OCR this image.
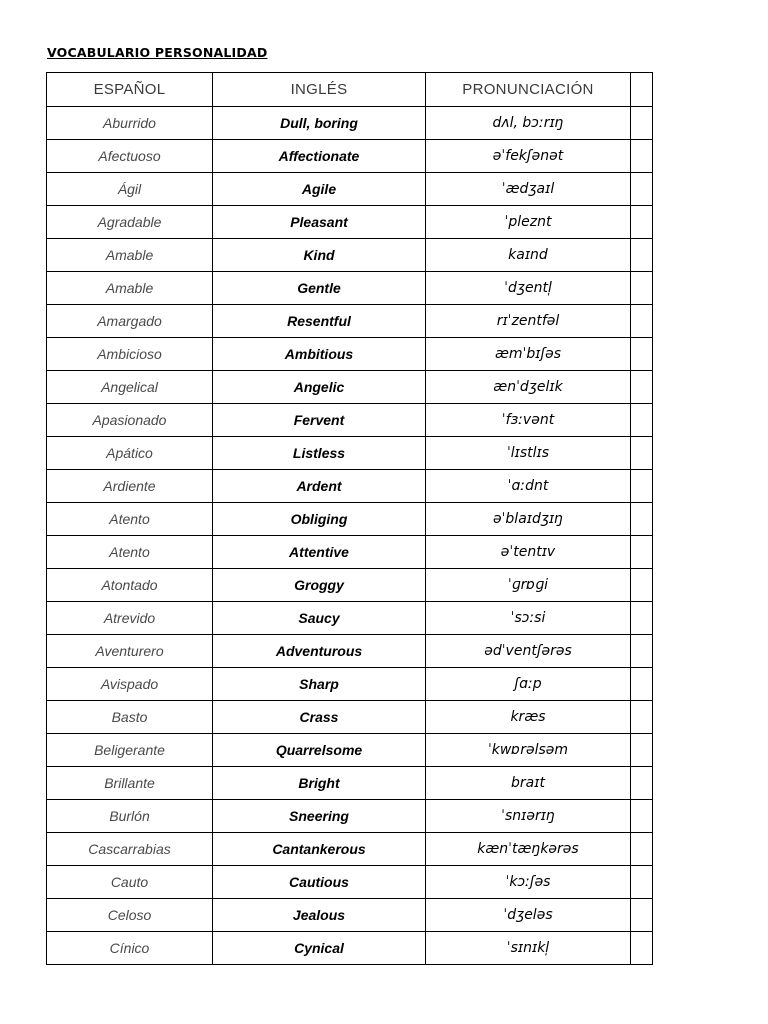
VOCABULARIO PERSONALIDAD
ESPAÑOL	INGLÉS	PRONUNCIACIÓN	
Aburrido	Dull, boring	dʌl, bɔːrɪŋ	
Afectuoso	Affectionate	əˈfekʃənət	
Ágil	Agile	ˈædʒaɪl	
Agradable	Pleasant	ˈpleznt	
Amable	Kind	kaɪnd	
Amable	Gentle	ˈdʒentl̩	
Amargado	Resentful	rɪˈzentfəl	
Ambicioso	Ambitious	æmˈbɪʃəs	
Angelical	Angelic	ænˈdʒelɪk	
Apasionado	Fervent	ˈfɜːvənt	
Apático	Listless	ˈlɪstlɪs	
Ardiente	Ardent	ˈɑːdnt	
Atento	Obliging	əˈblaɪdʒɪŋ	
Atento	Attentive	əˈtentɪv	
Atontado	Groggy	ˈɡrɒɡi	
Atrevido	Saucy	ˈsɔːsi	
Aventurero	Adventurous	ədˈventʃərəs	
Avispado	Sharp	ʃɑːp	
Basto	Crass	kræs	
Beligerante	Quarrelsome	ˈkwɒrəlsəm	
Brillante	Bright	braɪt	
Burlón	Sneering	ˈsnɪərɪŋ	
Cascarrabias	Cantankerous	kænˈtæŋkərəs	
Cauto	Cautious	ˈkɔːʃəs	
Celoso	Jealous	ˈdʒeləs	
Cínico	Cynical	ˈsɪnɪkl̩	
